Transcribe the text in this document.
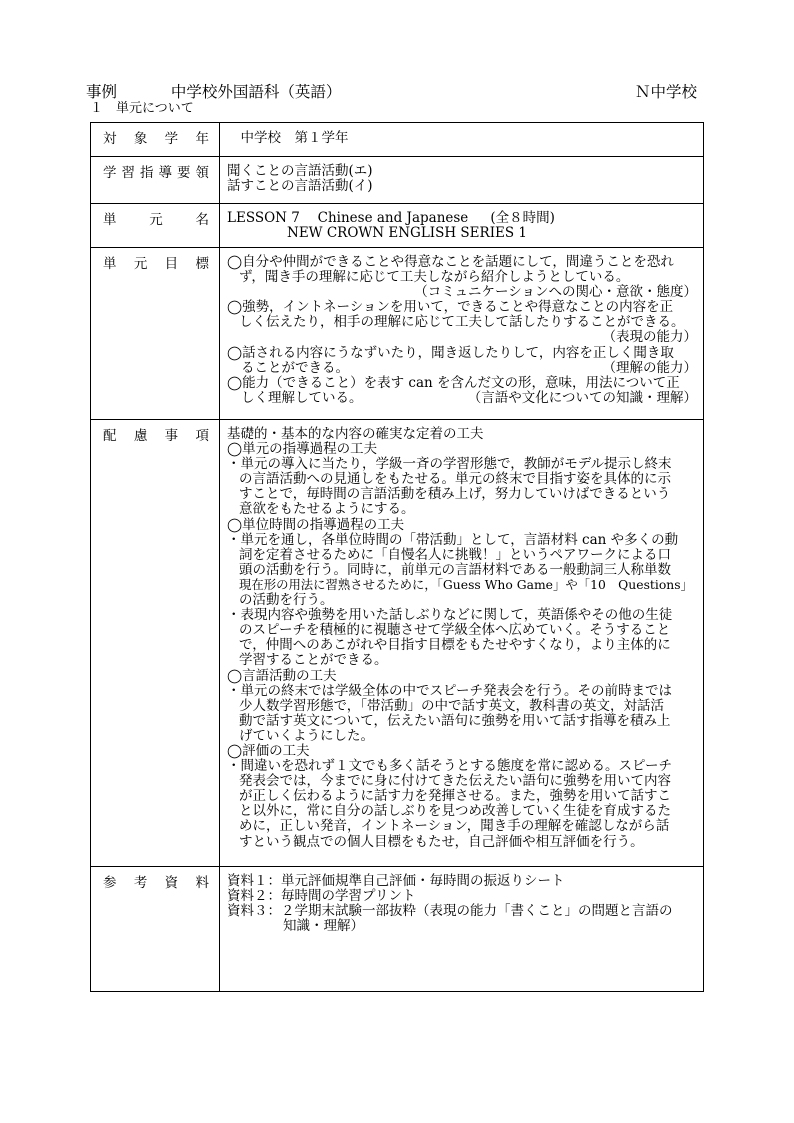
事例	中学校外国語科（英語）	Ｎ中学校
１　単元について
対 象 学 年 　中学校　第１学年
学 習 指 導 要 領 聞くことの言語活動(エ)
話すことの言語活動(イ)
単 元 名 LESSON 7　 Chinese and Japanese 　 (全８時間)
NEW CROWN ENGLISH SERIES 1
単 元 目 標 ◯自分や仲間ができることや得意なことを話題にして，間違うことを恐れ
ず，聞き手の理解に応じて工夫しながら紹介しようとしている。
（コミュニケーションへの関心・意欲・態度）
◯強勢，イントネーションを用いて，できることや得意なことの内容を正
しく伝えたり，相手の理解に応じて工夫して話したりすることができる。
（表現の能力）
◯話される内容にうなずいたり，聞き返したりして，内容を正しく聞き取
ることができる。	（理解の能力）
◯能力（できること）を表す can を含んだ文の形，意味，用法について正
しく理解している。	（言語や文化についての知識・理解）
配 慮 事 項 基礎的・基本的な内容の確実な定着の工夫
◯単元の指導過程の工夫
・単元の導入に当たり，学級一斉の学習形態で，教師がモデル提示し終末
の言語活動への見通しをもたせる。単元の終末で目指す姿を具体的に示
すことで，毎時間の言語活動を積み上げ，努力していけばできるという
意欲をもたせるようにする。
◯単位時間の指導過程の工夫
・単元を通し，各単位時間の「帯活動」として，言語材料 can や多くの動
詞を定着させるために「自慢名人に挑戦！」というペアワークによる口
頭の活動を行う。同時に，前単元の言語材料である一般動詞三人称単数
現在形の用法に習熟させるために，「Guess Who Game」や「10　Questions」
の活動を行う。
・表現内容や強勢を用いた話しぶりなどに関して，英語係やその他の生徒
のスピーチを積極的に視聴させて学級全体へ広めていく。そうすること
で，仲間へのあこがれや目指す目標をもたせやすくなり，より主体的に
学習することができる。
◯言語活動の工夫
・単元の終末では学級全体の中でスピーチ発表会を行う。その前時までは
少人数学習形態で，「帯活動」の中で話す英文，教科書の英文，対話活
動で話す英文について，伝えたい語句に強勢を用いて話す指導を積み上
げていくようにした。
◯評価の工夫
・間違いを恐れず１文でも多く話そうとする態度を常に認める。スピーチ
発表会では，今までに身に付けてきた伝えたい語句に強勢を用いて内容
が正しく伝わるように話す力を発揮させる。また，強勢を用いて話すこ
と以外に，常に自分の話しぶりを見つめ改善していく生徒を育成するた
めに，正しい発音，イントネーション，聞き手の理解を確認しながら話
すという観点での個人目標をもたせ，自己評価や相互評価を行う。
参 考 資 料 資料１：単元評価規準自己評価・毎時間の振返りシート
資料２：毎時間の学習プリント
資料３：２学期末試験一部抜粋（表現の能力「書くこと」の問題と言語の
知識・理解）
